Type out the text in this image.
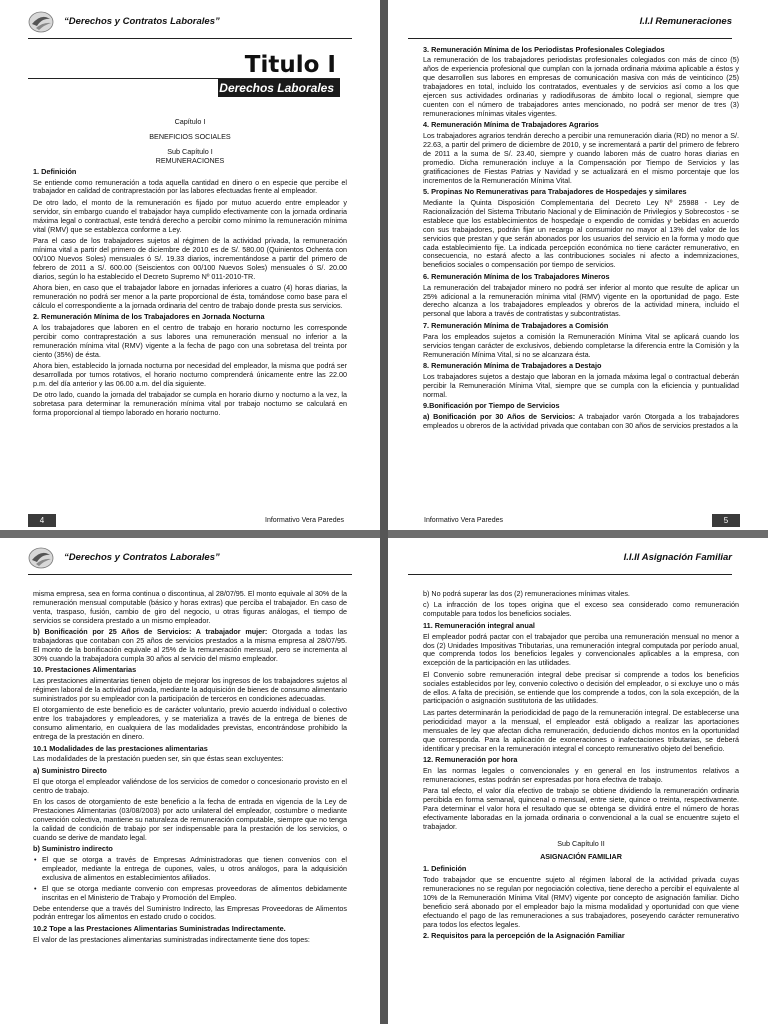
“Derechos y Contratos Laborales”
Titulo I
Derechos Laborales

Capítulo I

BENEFICIOS SOCIALES

Sub Capítulo I

REMUNERACIONES

1. Definición

Se entiende como remuneración a toda aquella cantidad en dinero o en especie que percibe el trabajador en calidad de contraprestación por las labores efectuadas frente al empleador.

De otro lado, el monto de la remuneración es fijado por mutuo acuerdo entre empleador y servidor, sin embargo cuando el trabajador haya cumplido efectivamente con la jornada ordinaria máxima legal o contractual, este tendrá derecho a percibir como mínimo la remuneración mínima vital (RMV) que se establezca conforme a Ley.

Para el caso de los trabajadores sujetos al régimen de la actividad privada, la remuneración mínima vital a partir del primero de diciembre de 2010 es de S/. 580.00 (Quinientos Ochenta con 00/100 Nuevos Soles) mensuales ó S/. 19.33 diarios, incrementándose a partir del primero de febrero de 2011 a S/. 600.00 (Seiscientos con 00/100 Nuevos Soles) mensuales ó S/. 20.00 diarios, según lo ha establecido el Decreto Supremo Nº 011-2010-TR.

Ahora bien, en caso que el trabajador labore en jornadas inferiores a cuatro (4) horas diarias, la remuneración no podrá ser menor a la parte proporcional de ésta, tomándose como base para el cálculo el correspondiente a la jornada ordinaria del centro de trabajo donde presta sus servicios.

2. Remuneración Mínima de los Trabajadores en Jornada Nocturna

A los trabajadores que laboren en el centro de trabajo en horario nocturno les corresponde percibir como contraprestación a sus labores una remuneración mensual no inferior a la remuneración mínima vital (RMV) vigente a la fecha de pago con una sobretasa del treinta por ciento (35%) de ésta.

Ahora bien, establecido la jornada nocturna por necesidad del empleador, la misma que podrá ser desarrollada por turnos rotativos, el horario nocturno comprenderá únicamente entre las 22.00 p.m. del día anterior y las 06.00 a.m. del día siguiente.

De otro lado, cuando la jornada del trabajador se cumpla en horario diurno y nocturno a la vez, la sobretasa para determinar la remuneración mínima vital por trabajo nocturno se calculará en forma proporcional al tiempo laborado en horario nocturno.

I.I.I Remuneraciones
3. Remuneración Mínima de los Periodistas Profesionales Colegiados

La remuneración de los trabajadores periodistas profesionales colegiados con más de cinco (5) años de experiencia profesional que cumplan con la jornada ordinaria máxima aplicable a éstos y que desarrollen sus labores en empresas de comunicación masiva con más de veinticinco (25) trabajadores en total, incluido los contratados, eventuales y de servicios así como a los que ejercen sus actividades ordinarias y radiodifusoras de ámbito local o regional, siempre que cuenten con el número de trabajadores antes mencionado, no podrá ser menor de tres (3) remuneraciones mínimas vitales vigentes.

4. Remuneración Mínima de Trabajadores Agrarios

Los trabajadores agrarios tendrán derecho a percibir una remuneración diaria (RD) no menor a S/. 22.63, a partir del primero de diciembre de 2010, y se incrementará a partir del primero de febrero de 2011 a la suma de S/. 23.40, siempre y cuando laboren más de cuatro horas diarias en promedio. Dicha remuneración incluye a la Compensación por Tiempo de Servicios y las gratificaciones de Fiestas Patrias y Navidad y se actualizará en el mismo porcentaje que los incrementos de la Remuneración Mínima Vital.

5. Propinas No Remunerativas para Trabajadores de Hospedajes y similares

Mediante la Quinta Disposición Complementaria del Decreto Ley Nº 25988 - Ley de Racionalización del Sistema Tributario Nacional y de Eliminación de Privilegios y Sobrecostos - se establece que los establecimientos de hospedaje o expendio de comidas y bebidas en acuerdo con sus trabajadores, podrán fijar un recargo al consumidor no mayor al 13% del valor de los servicios que prestan y que serán abonados por los usuarios del servicio en la forma y modo que cada establecimiento fije. La indicada percepción económica no tiene carácter remunerativo, en consecuencia, no estará afecto a las contribuciones sociales ni afecto a indemnizaciones, beneficios sociales o compensación por tiempo de servicios.

6. Remuneración Mínima de los Trabajadores Mineros

La remuneración del trabajador minero no podrá ser inferior al monto que resulte de aplicar un 25% adicional a la remuneración mínima vital (RMV) vigente en la oportunidad de pago. Este derecho alcanza a los trabajadores empleados y obreros de la actividad minera, incluido el personal que labora a través de contratistas y subcontratistas.

7. Remuneración Mínima de Trabajadores a Comisión

Para los empleados sujetos a comisión la Remuneración Mínima Vital se aplicará cuando los servicios tengan carácter de exclusivos, debiendo completarse la diferencia entre la Comisión y la Remuneración Mínima Vital, si no se alcanzara ésta.

8. Remuneración Mínima de Trabajadores a Destajo

Los trabajadores sujetos a destajo que laboran en la jornada máxima legal o contractual deberán percibir la Remuneración Mínima Vital, siempre que se cumpla con la eficiencia y puntualidad normal.

9.Bonificación por Tiempo de Servicios

a) Bonificación por 30 Años de Servicios: A trabajador varón Otorgada a los trabajadores empleados u obreros de la actividad privada que contaban con 30 años de servicios prestados a la

4	Informativo Vera Paredes	Informativo Vera Paredes	5
“Derechos y Contratos Laborales”

misma empresa, sea en forma continua o discontinua, al 28/07/95. El monto equivale al 30% de la remuneración mensual computable (básico y horas extras) que perciba el trabajador. En caso de venta, traspaso, fusión, cambio de giro del negocio, u otras figuras análogas, el tiempo de servicios se considera prestado a un mismo empleador.

b) Bonificación por 25 Años de Servicios: A trabajador mujer: Otorgada a todas las trabajadoras que contaban con 25 años de servicios prestados a la misma empresa al 28/07/95. El monto de la bonificación equivale al 25% de la remuneración mensual, pero se incrementa al 30% cuando la trabajadora cumpla 30 años al servicio del mismo empleador.

10. Prestaciones Alimentarias

Las prestaciones alimentarias tienen objeto de mejorar los ingresos de los trabajadores sujetos al régimen laboral de la actividad privada, mediante la adquisición de bienes de consumo alimentario suministrados por su empleador con la participación de terceros en condiciones adecuadas.

El otorgamiento de este beneficio es de carácter voluntario, previo acuerdo individual o colectivo entre los trabajadores y empleadores, y se materializa a través de la entrega de bienes de consumo alimentario, en cualquiera de las modalidades previstas, encontrándose prohibido la entrega de la prestación en dinero.

10.1 Modalidades de las prestaciones alimentarias

Las modalidades de la prestación pueden ser, sin que éstas sean excluyentes:

a) Suministro Directo

El que otorga el empleador valiéndose de los servicios de comedor o concesionario provisto en el centro de trabajo.

En los casos de otorgamiento de este beneficio a la fecha de entrada en vigencia de la Ley de Prestaciones Alimentarias (03/08/2003) por acto unilateral del empleador, costumbre o mediante convención colectiva, mantiene su naturaleza de remuneración computable, siempre que no tenga la calidad de condición de trabajo por ser indispensable para la prestación de los servicios, o cuando se derive de mandato legal.

b) Suministro indirecto
• El que se otorga a través de Empresas Administradoras que tienen convenios con el empleador, mediante la entrega de cupones, vales, u otros análogos, para la adquisición exclusiva de alimentos en establecimientos afiliados.
• El que se otorga mediante convenio con empresas proveedoras de alimentos debidamente inscritas en el Ministerio de Trabajo y Promoción del Empleo.

Debe entenderse que a través del Suministro Indirecto, las Empresas Proveedoras de Alimentos podrán entregar los alimentos en estado crudo o cocidos.

10.2 Tope a las Prestaciones Alimentarias Suministradas Indirectamente.

El valor de las prestaciones alimentarias suministradas indirectamente tiene dos topes:

I.I.II Asignación Familiar

b) No podrá superar las dos (2) remuneraciones mínimas vitales.

c) La infracción de los topes origina que el exceso sea considerado como remuneración computable para todos los beneficios sociales.

11. Remuneración integral anual

El empleador podrá pactar con el trabajador que perciba una remuneración mensual no menor a dos (2) Unidades Impositivas Tributarias, una remuneración integral computada por período anual, que comprenda todos los beneficios legales y convencionales aplicables a la empresa, con excepción de la participación en las utilidades.

El Convenio sobre remuneración integral debe precisar si comprende a todos los beneficios sociales establecidos por ley, convenio colectivo o decisión del empleador, o si excluye uno o más de ellos. A falta de precisión, se entiende que los comprende a todos, con la sola excepción, de la participación o asignación sustitutoria de las utilidades.

Las partes determinarán la periodicidad de pago de la remuneración integral. De establecerse una periodicidad mayor a la mensual, el empleador está obligado a realizar las aportaciones mensuales de ley que afectan dicha remuneración, deduciendo dichos montos en la oportunidad que corresponda. Para la aplicación de exoneraciones o inafectaciones tributarias, se deberá identificar y precisar en la remuneración integral el concepto remunerativo objeto del beneficio.

12. Remuneración por hora

En las normas legales o convencionales y en general en los instrumentos relativos a remuneraciones, estas podrán ser expresadas por hora efectiva de trabajo.

Para tal efecto, el valor día efectivo de trabajo se obtiene dividiendo la remuneración ordinaria percibida en forma semanal, quincenal o mensual, entre siete, quince o treinta, respectivamente. Para determinar el valor hora el resultado que se obtenga se dividirá entre el número de horas efectivamente laboradas en la jornada ordinaria o convencional a la cual se encuentre sujeto el trabajador.

Sub Capítulo II

ASIGNACIÓN FAMILIAR

1. Definición

Todo trabajador que se encuentre sujeto al régimen laboral de la actividad privada cuyas remuneraciones no se regulan por negociación colectiva, tiene derecho a percibir el equivalente al 10% de la Remuneración Mínima Vital (RMV) vigente por concepto de asignación familiar. Dicho beneficio será abonado por el empleador bajo la misma modalidad y oportunidad con que viene efectuando el pago de las remuneraciones a sus trabajadores, poseyendo carácter remunerativo para todos los efectos legales.

2. Requisitos para la percepción de la Asignación Familiar
